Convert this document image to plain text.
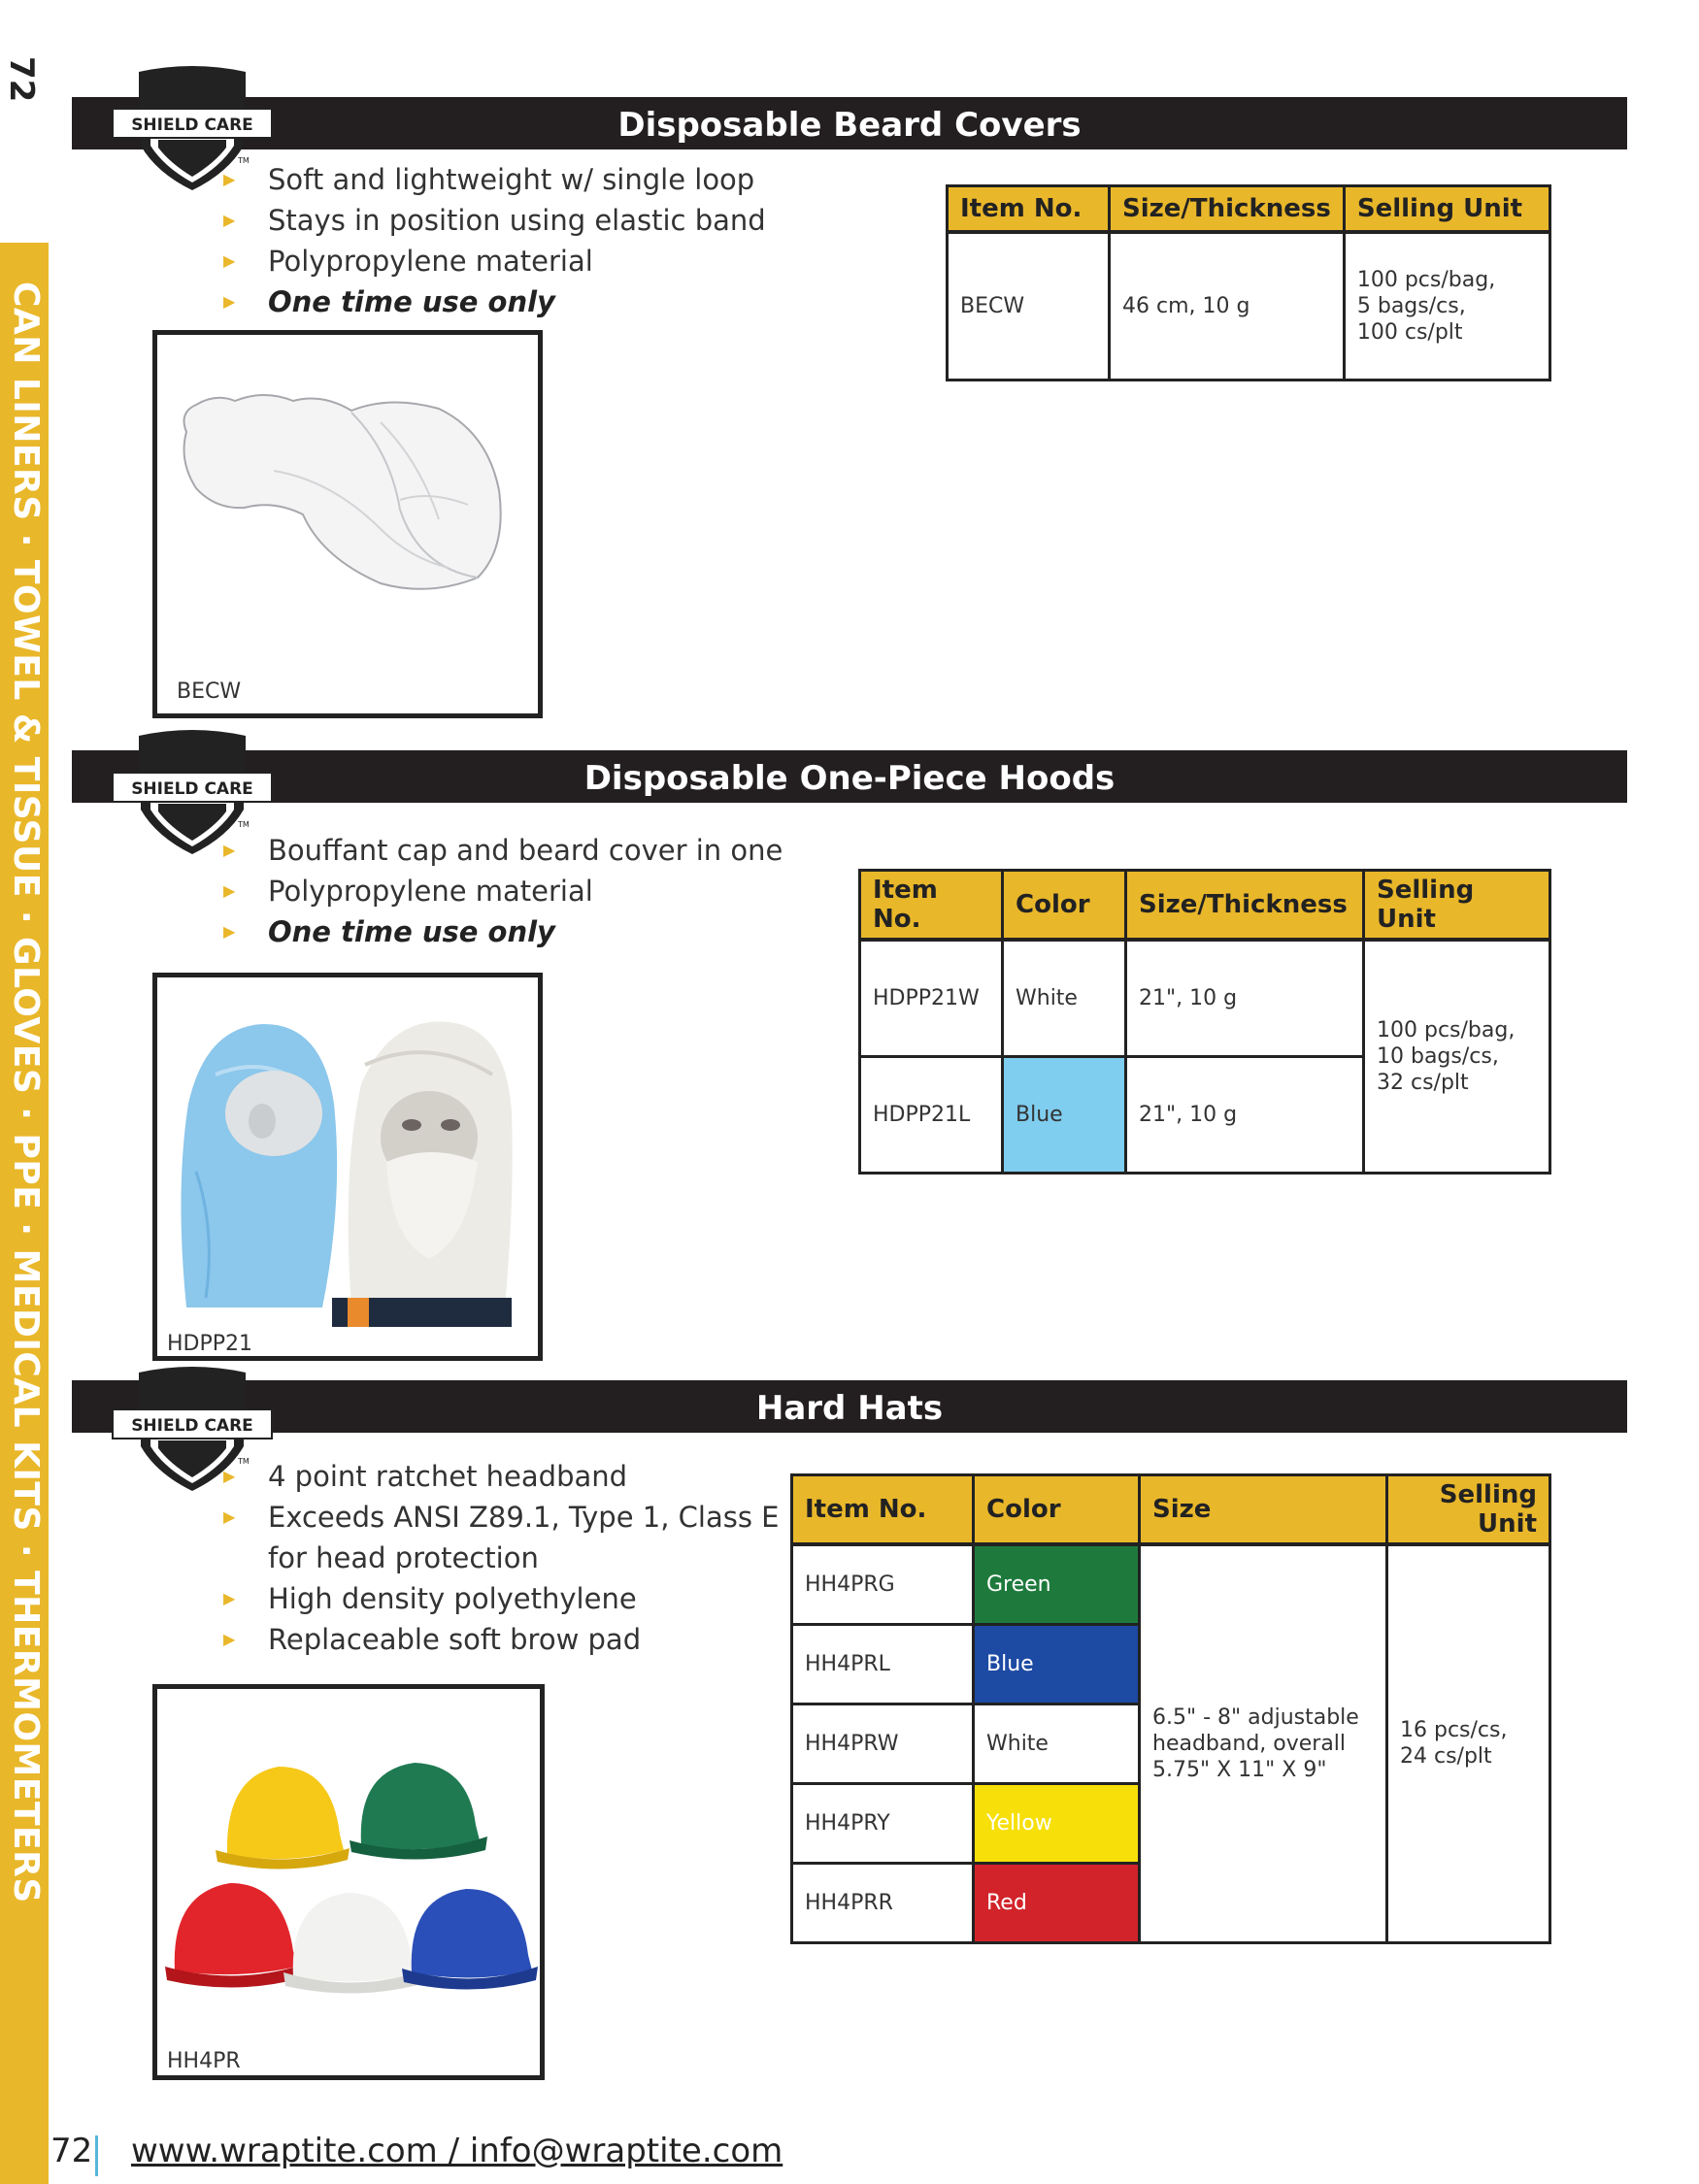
72
CAN LINERS · TOWEL & TISSUE · GLOVES · PPE · MEDICAL KITS · THERMOMETERS
Disposable Beard Covers
SHIELD CARE
TM
▶ Soft and lightweight w/ single loop
▶ Stays in position using elastic band
▶ Polypropylene material
▶ One time use only
BECW
Item No.	Size/Thickness	Selling Unit
BECW	46 cm, 10 g	100 pcs/bag,
5 bags/cs,
100 cs/plt
Disposable One-Piece Hoods
SHIELD CARE
TM
▶ Bouffant cap and beard cover in one
▶ Polypropylene material
▶ One time use only
HDPP21
Item No.	Color	Size/Thickness	Selling Unit
HDPP21W	White	21", 10 g	100 pcs/bag,
10 bags/cs,
32 cs/plt
HDPP21L	Blue	21", 10 g	
Hard Hats
SHIELD CARE
TM
▶ 4 point ratchet headband
▶ Exceeds ANSI Z89.1, Type 1, Class E
for head protection
▶ High density polyethylene
▶ Replaceable soft brow pad
HH4PR
Item No.	Color	Size	Selling Unit
HH4PRG	Green	6.5" - 8" adjustable
headband, overall
5.75" X 11" X 9"	16 pcs/cs,
24 cs/plt
HH4PRL	Blue		
HH4PRW	White		
HH4PRY	Yellow		
HH4PRR	Red		
72 www.wraptite.com / info@wraptite.com
